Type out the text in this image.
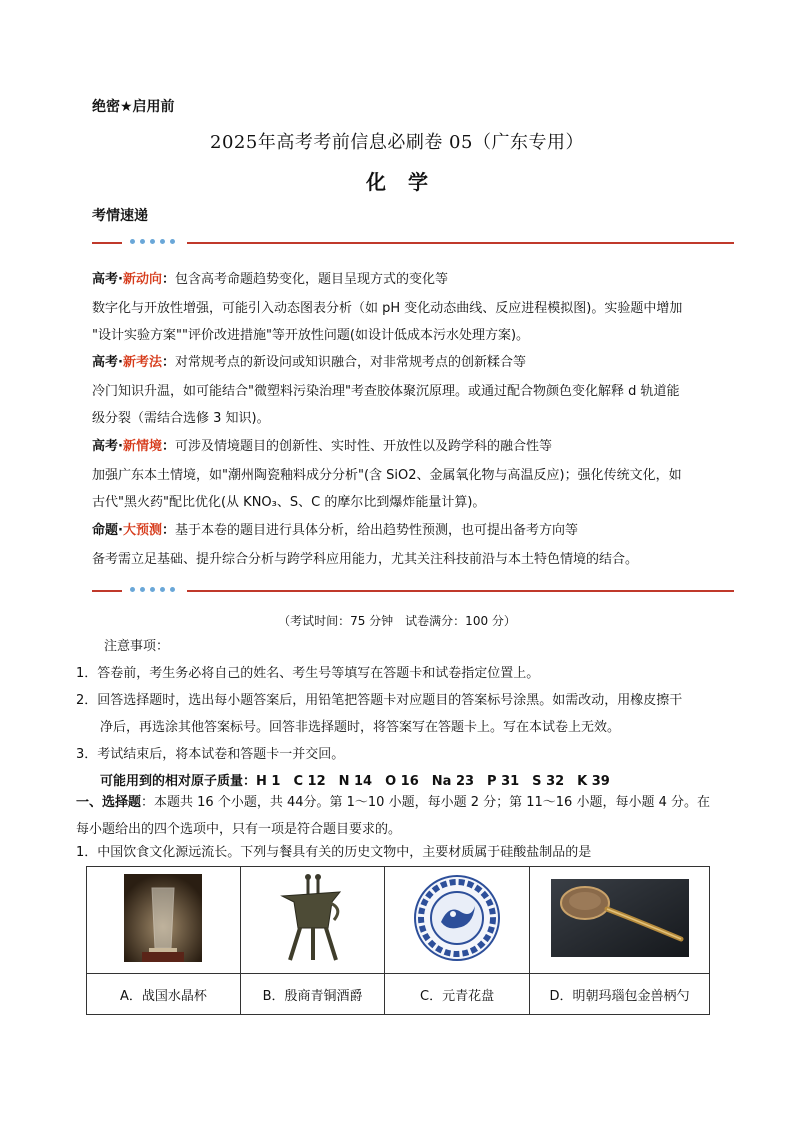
绝密★启用前
2025年高考考前信息必刷卷 05（广东专用）
化学
考情速递
高考·新动向：包含高考命题趋势变化，题目呈现方式的变化等
数字化与开放性增强，可能引入动态图表分析（如 pH 变化动态曲线、反应进程模拟图)。实验题中增加
"设计实验方案""评价改进措施"等开放性问题(如设计低成本污水处理方案)。
高考·新考法：对常规考点的新设问或知识融合，对非常规考点的创新糅合等
冷门知识升温，如可能结合"微塑料污染治理"考查胶体聚沉原理。或通过配合物颜色变化解释 d 轨道能
级分裂（需结合选修 3 知识)。
高考·新情境：可涉及情境题目的创新性、实时性、开放性以及跨学科的融合性等
加强广东本土情境，如"潮州陶瓷釉料成分分析"(含 SiO2、金属氧化物与高温反应)；强化传统文化，如
古代"黑火药"配比优化(从 KNO₃、S、C 的摩尔比到爆炸能量计算)。
命题·大预测：基于本卷的题目进行具体分析，给出趋势性预测，也可提出备考方向等
备考需立足基础、提升综合分析与跨学科应用能力，尤其关注科技前沿与本土特色情境的结合。
（考试时间：75 分钟　试卷满分：100 分）
注意事项：
1．答卷前，考生务必将自己的姓名、考生号等填写在答题卡和试卷指定位置上。
2．回答选择题时，选出每小题答案后，用铅笔把答题卡对应题目的答案标号涂黑。如需改动，用橡皮擦干
净后，再选涂其他答案标号。回答非选择题时，将答案写在答题卡上。写在本试卷上无效。
3．考试结束后，将本试卷和答题卡一并交回。
可能用到的相对原子质量：H 1　C 12　N 14　O 16　Na 23　P 31　S 32　K 39
一、选择题：本题共 16 个小题，共 44分。第 1～10 小题，每小题 2 分；第 11～16 小题，每小题 4 分。在
每小题给出的四个选项中，只有一项是符合题目要求的。
1．中国饮食文化源远流长。下列与餐具有关的历史文物中，主要材质属于硅酸盐制品的是

A．战国水晶杯	B．殷商青铜酒爵	C．元青花盘	D．明朝玛瑙包金兽柄勺
